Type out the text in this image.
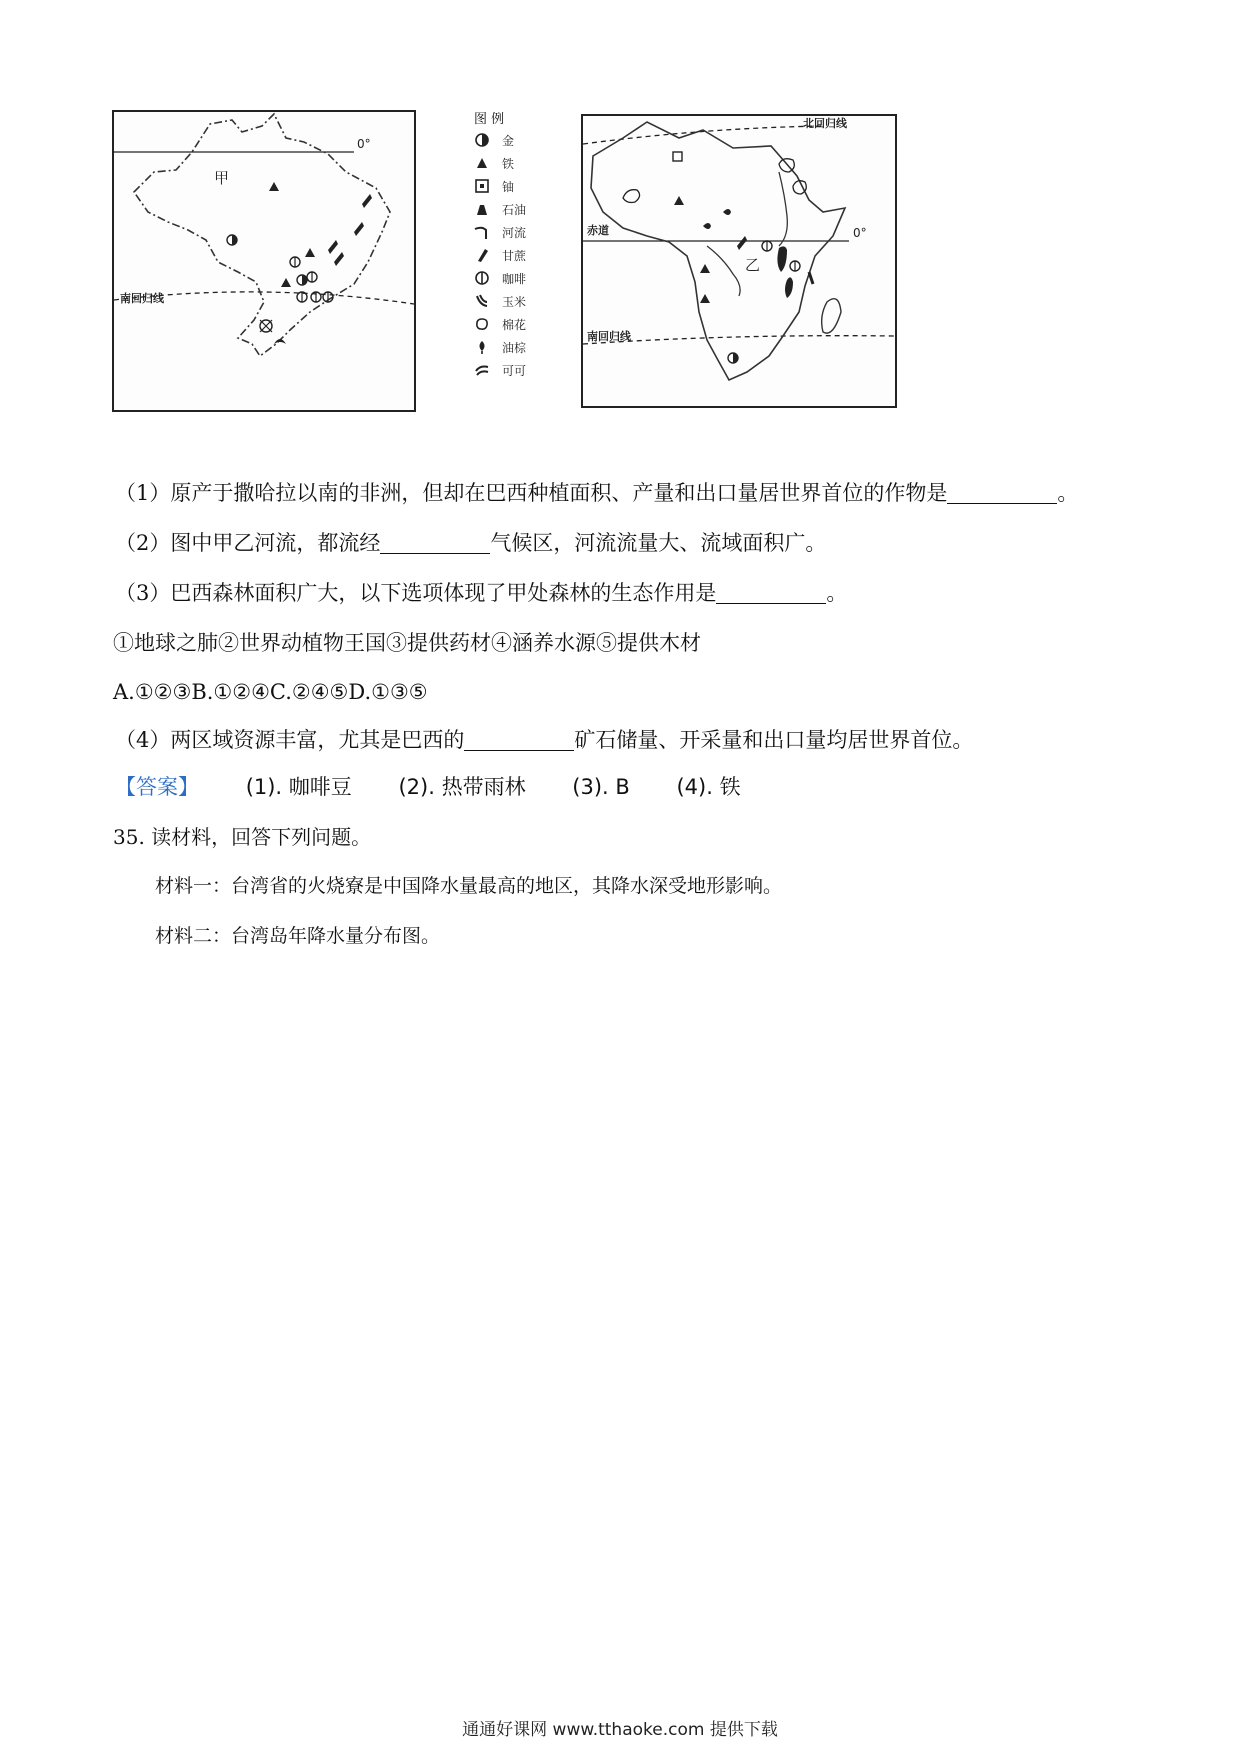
0°
甲
南回归线
图 例
金
铁
铀
石油
河流
甘蔗
咖啡
玉米
棉花
油棕
可可
北回归线
赤道	0°
乙
南回归线
（1）原产于撒哈拉以南的非洲，但却在巴西种植面积、产量和出口量居世界首位的作物是	。
（2）图中甲乙河流，都流经	气候区，河流流量大、流域面积广。
（3）巴西森林面积广大，以下选项体现了甲处森林的生态作用是	。
①地球之肺②世界动植物王国③提供药材④涵养水源⑤提供木材
A.①②③B.①②④C.②④⑤D.①③⑤
（4）两区域资源丰富，尤其是巴西的	矿石储量、开采量和出口量均居世界首位。
【答案】 (1). 咖啡豆 (2). 热带雨林 (3). B (4). 铁
35. 读材料，回答下列问题。
材料一：台湾省的火烧寮是中国降水量最高的地区，其降水深受地形影响。
材料二：台湾岛年降水量分布图。
通通好课网 www.tthaoke.com 提供下载
